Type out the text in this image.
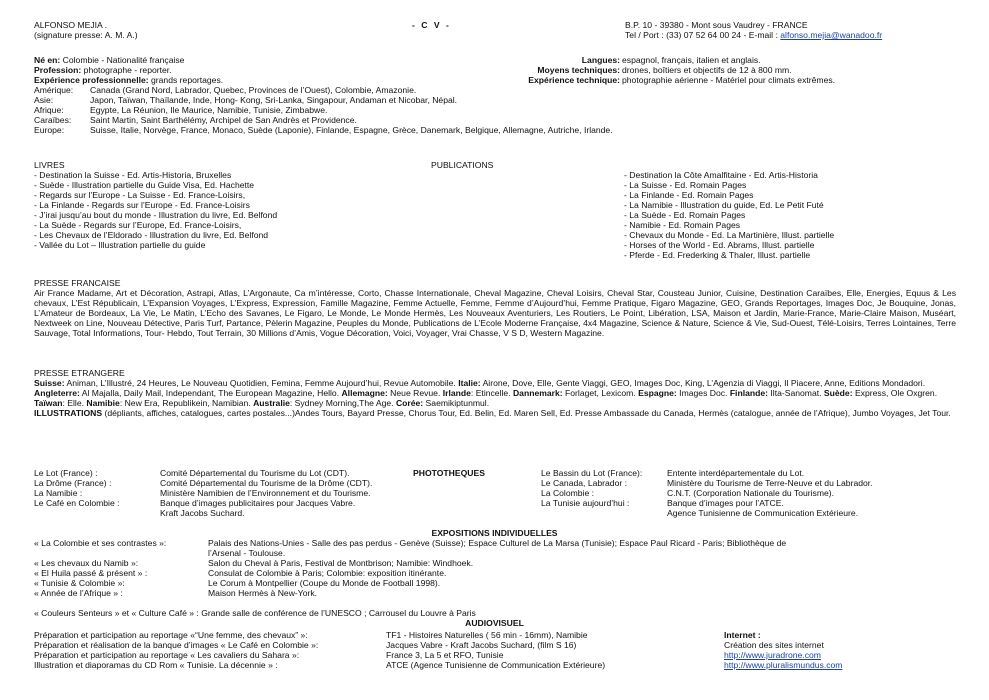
ALFONSO MEJIA .
(signature presse: A. M. A.)
- C V -	B.P. 10 - 39380 - Mont sous Vaudrey - FRANCE
Tel / Port : (33) 07 52 64 00 24 - E-mail : alfonso.mejia@wanadoo.fr
Né en: Colombie - Nationalité française
Profession: photographe - reporter.
Expérience professionnelle: grands reportages.
Amérique:	Canada (Grand Nord, Labrador, Quebec, Provinces de l’Ouest), Colombie, Amazonie.
Asie:	Japon, Taïwan, Thaïlande, Inde, Hong- Kong, Sri-Lanka, Singapour, Andaman et Nicobar, Népal.
Afrique:	Egypte, La Réunion, Ile Maurice, Namibie, Tunisie, Zimbabwe.
Caraïbes:	Saint Martin, Saint Barthélémy, Archipel de San Andrès et Providence.
Europe:	Suisse, Italie, Norvège, France, Monaco, Suède (Laponie), Finlande, Espagne, Grèce, Danemark, Belgique, Allemagne, Autriche, Irlande.
Langues: espagnol, français, italien et anglais.
Moyens techniques: drones, boîtiers et objectifs de 12 à 800 mm.
Expérience technique: photographie aérienne - Matériel pour climats extrêmes.
LIVRES	PUBLICATIONS
- Destination la Suisse - Ed. Artis-Historia, Bruxelles
- Suède - Illustration partielle du Guide Visa, Ed. Hachette
- Regards sur l’Europe - La Suisse - Ed. France-Loisirs,
- La Finlande - Regards sur l’Europe - Ed. France-Loisirs
- J’irai jusqu’au bout du monde - Illustration du livre, Ed. Belfond
- La Suède - Regards sur l’Europe, Ed. France-Loisirs,
- Les Chevaux de l’Eldorado - Illustration du livre, Ed. Belfond
- Vallée du Lot – Illustration partielle du guide
- Destination la Côte Amalfitaine - Ed. Artis-Historia
- La Suisse - Ed. Romain Pages
- La Finlande - Ed. Romain Pages
- La Namibie - Illustration du guide, Ed. Le Petit Futé
- La Suède - Ed. Romain Pages
- Namibie - Ed. Romain Pages
- Chevaux du Monde - Ed. La Martinière, Illust. partielle
- Horses of the World - Ed. Abrams, Illust. partielle
- Pferde - Ed. Frederking & Thaler, Illust. partielle
PRESSE FRANCAISE
Air France Madame, Art et Décoration, Astrapi, Atlas, L’Argonaute, Ca m’intéresse, Corto, Chasse Internationale, Cheval Magazine, Cheval Loisirs, Cheval Star, Cousteau Junior, Cuisine, Destination Caraïbes, Elle, Energies, Equus & Les chevaux, L’Est Républicain, L’Expansion Voyages, L’Express, Expression, Famille Magazine, Femme Actuelle, Femme, Femme d’Aujourd’hui, Femme Pratique, Figaro Magazine, GEO, Grands Reportages, Images Doc, Je Bouquine, Jonas, L’Amateur de Bordeaux, La Vie, Le Matin, L’Echo des Savanes, Le Figaro, Le Monde, Le Monde Hermès, Les Nouveaux Aventuriers, Les Routiers, Le Point, Libération, LSA, Maison et Jardin, Marie-France, Marie-Claire Maison, Muséart, Nextweek on Line, Nouveau Détective, Paris Turf, Partance, Pèlerin Magazine, Peuples du Monde, Publications de L’Ecole Moderne Française, 4x4 Magazine, Science & Nature, Science & Vie, Sud-Ouest, Télé-Loisirs, Terres Lointaines, Terre Sauvage, Total Informations, Tour- Hebdo, Tout Terrain, 30 Millions d’Amis, Vogue Décoration, Voici, Voyager, Vrai Chasse, V S D, Western Magazine.
PRESSE ETRANGERE
Suisse: Animan, L’Illustré, 24 Heures, Le Nouveau Quotidien, Femina, Femme Aujourd’hui, Revue Automobile. Italie: Airone, Dove, Elle, Gente Viaggi, GEO, Images Doc, King, L’Agenzia di Viaggi, Il Piacere, Anne, Editions Mondadori. Angleterre: Al Majalla, Daily Mail, Independant, The European Magazine, Hello. Allemagne: Neue Revue. Irlande: Etincelle. Dannemark: Forlaget, Lexicom. Espagne: Images Doc. Finlande: Ilta-Sanomat. Suède: Express, Ole Oxgren. Taïwan: Elle. Namibie: New Era, Republikein, Namibian. Australie: Sydney Morning,The Age. Corée: Saemikiptunmul.
ILLUSTRATIONS (dépliants, affiches, catalogues, cartes postales...)Andes Tours, Bayard Presse, Chorus Tour, Ed. Belin, Ed. Maren Sell, Ed. Presse Ambassade du Canada, Hermès (catalogue, année de l’Afrique), Jumbo Voyages, Jet Tour.
PHOTOTHEQUES
Le Lot (France) :	Comité Départemental du Tourisme du Lot (CDT).
La Drôme (France) :	Comité Départemental du Tourisme de la Drôme (CDT).
La Namibie :	Ministère Namibien de l’Environnement et du Tourisme.
Le Café en Colombie :	Banque d’images publicitaires pour Jacques Vabre.
	Kraft Jacobs Suchard.
Le Bassin du Lot (France):	Entente interdépartementale du Lot.
Le Canada, Labrador :	Ministère du Tourisme de Terre-Neuve et du Labrador.
La Colombie :	C.N.T. (Corporation Nationale du Tourisme).
La Tunisie aujourd’hui :	Banque d’images pour l’ATCE.
	Agence Tunisienne de Communication Extérieure.
EXPOSITIONS INDIVIDUELLES
« La Colombie et ses contrastes »:	Palais des Nations-Unies - Salle des pas perdus - Genève (Suisse); Espace Culturel de La Marsa (Tunisie); Espace Paul Ricard - Paris; Bibliothèque de
	l’Arsenal - Toulouse.
« Les chevaux du Namib »:	Salon du Cheval à Paris, Festival de Montbrison; Namibie: Windhoek.
« El Huila passé & présent » :	Consulat de Colombie à Paris; Colombie: exposition itinérante.
« Tunisie & Colombie »:	Le Corum à Montpellier (Coupe du Monde de Football 1998).
« Année de l’Afrique » :	Maison Hermès à New-York.
« Couleurs Senteurs » et « Culture Café » : Grande salle de conférence de l’UNESCO ; Carrousel du Louvre à Paris
AUDIOVISUEL
Préparation et participation au reportage «“Une femme, des chevaux” »:	TF1 - Histoires Naturelles ( 56 min - 16mm), Namibie
Préparation et réalisation de la banque d’images « Le Café en Colombie »:	Jacques Vabre - Kraft Jacobs Suchard, (film S 16)
Préparation et participation au reportage « Les cavaliers du Sahara »:	France 3, La 5 et RFO, Tunisie
Illustration et diaporamas du CD Rom « Tunisie. La décennie » :	ATCE (Agence Tunisienne de Communication Extérieure)
Internet :
Création des sites internet
http://www.juradrone.com
http://www.pluralismundus.com
